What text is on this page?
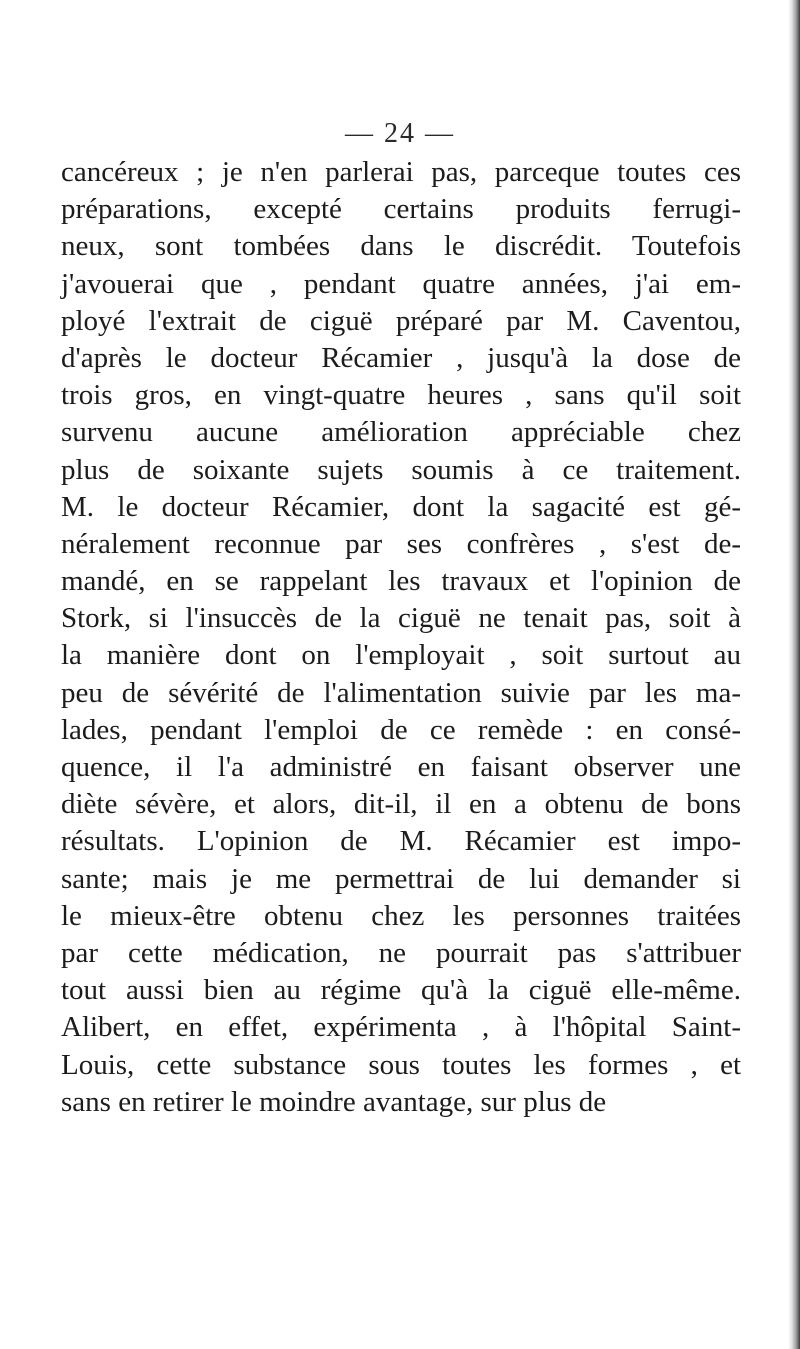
— 24 —
cancéreux ; je n'en parlerai pas, parceque toutes ces
préparations, excepté certains produits ferrugi-
neux, sont tombées dans le discrédit. Toutefois
j'avouerai que , pendant quatre années, j'ai em-
ployé l'extrait de ciguë préparé par M. Caventou,
d'après le docteur Récamier , jusqu'à la dose de
trois gros, en vingt-quatre heures , sans qu'il soit
survenu aucune amélioration appréciable chez
plus de soixante sujets soumis à ce traitement.
M. le docteur Récamier, dont la sagacité est gé-
néralement reconnue par ses confrères , s'est de-
mandé, en se rappelant les travaux et l'opinion de
Stork, si l'insuccès de la ciguë ne tenait pas, soit à
la manière dont on l'employait , soit surtout au
peu de sévérité de l'alimentation suivie par les ma-
lades, pendant l'emploi de ce remède : en consé-
quence, il l'a administré en faisant observer une
diète sévère, et alors, dit-il, il en a obtenu de bons
résultats. L'opinion de M. Récamier est impo-
sante; mais je me permettrai de lui demander si
le mieux-être obtenu chez les personnes traitées
par cette médication, ne pourrait pas s'attribuer
tout aussi bien au régime qu'à la ciguë elle-même.
Alibert, en effet, expérimenta , à l'hôpital Saint-
Louis, cette substance sous toutes les formes , et
sans en retirer le moindre avantage, sur plus de
